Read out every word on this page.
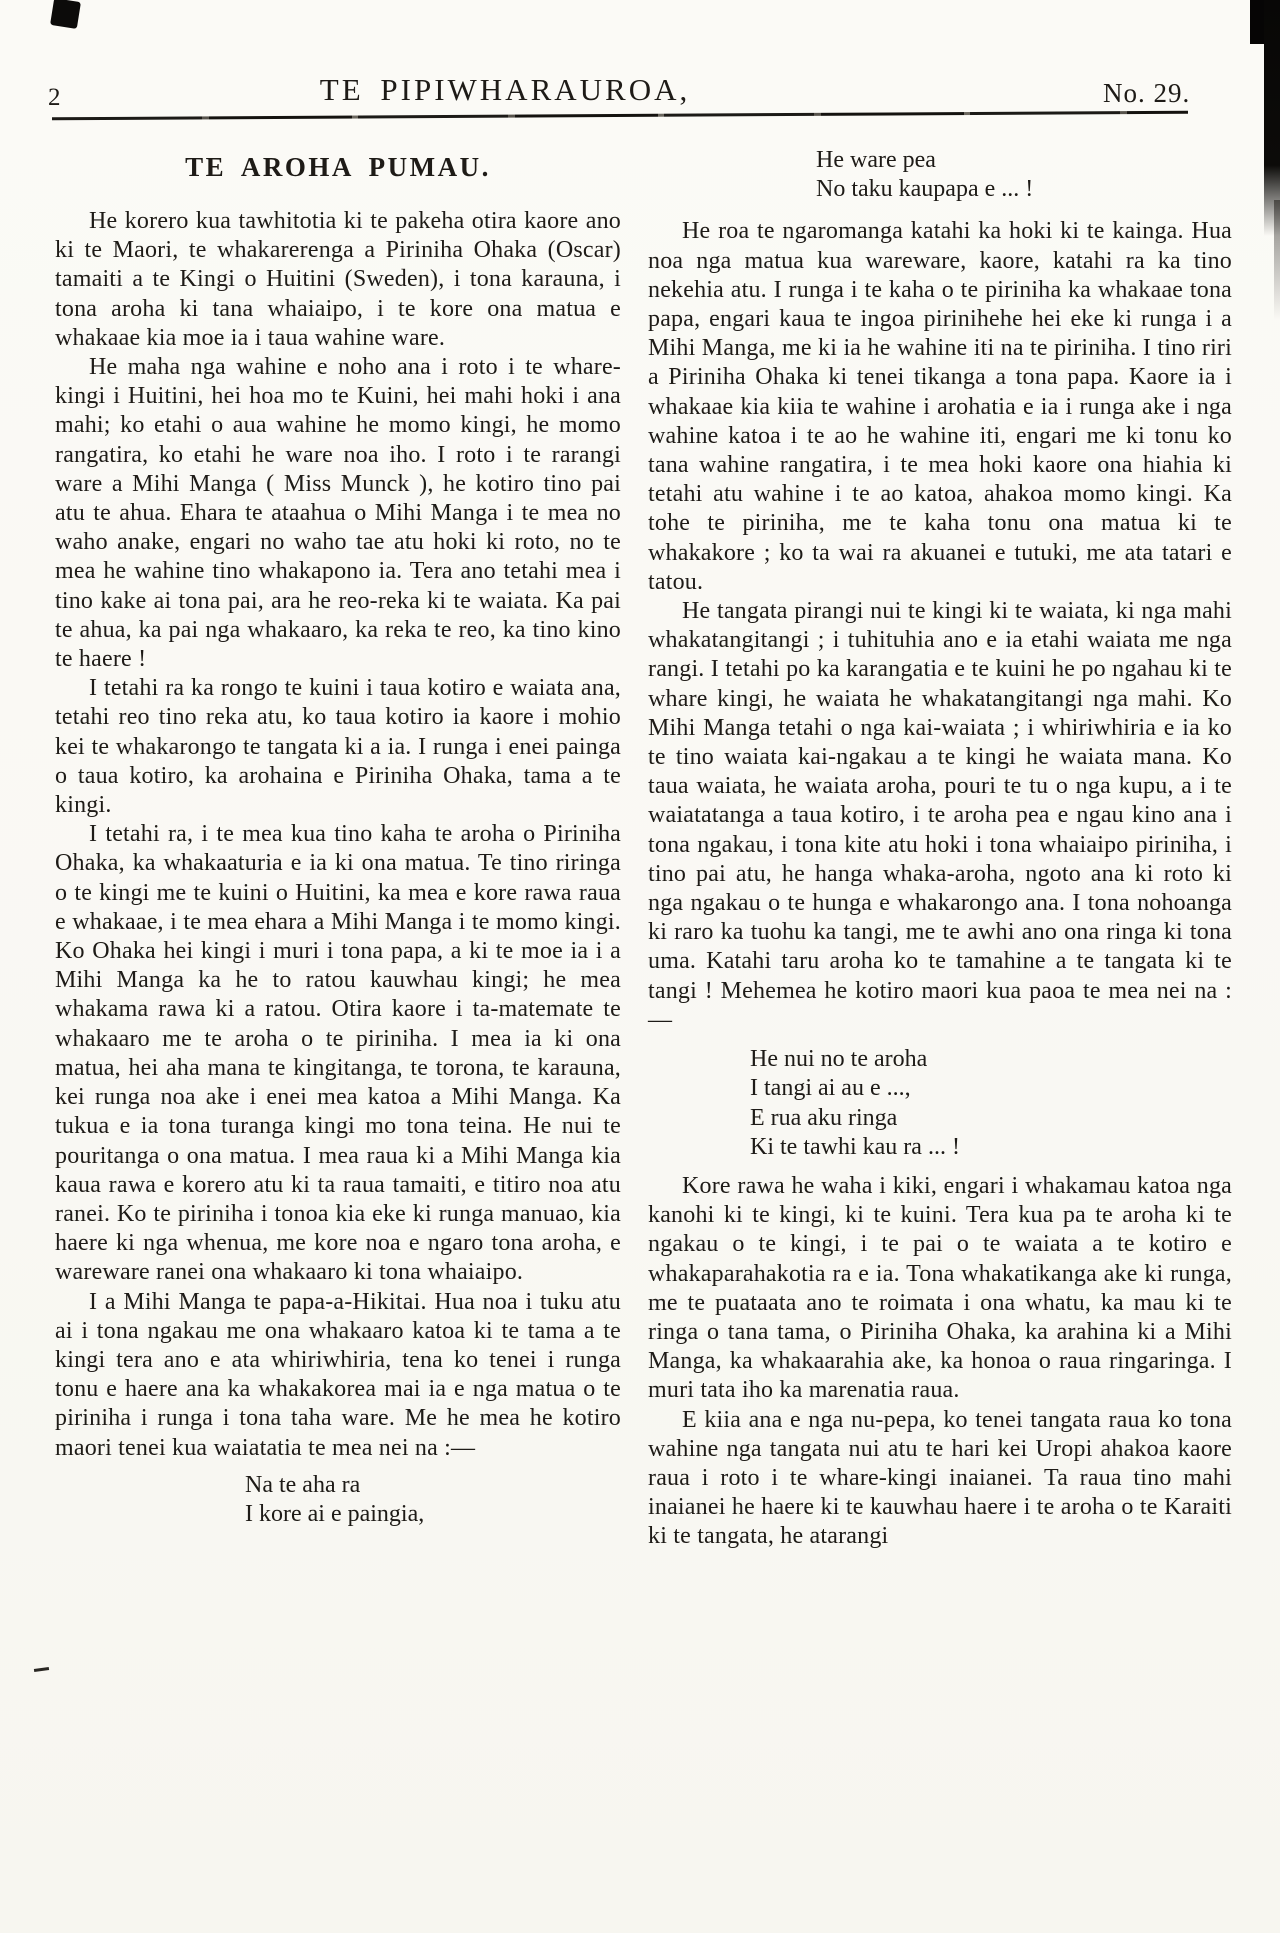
2	TE PIPIWHARAUROA,	No. 29.
TE AROHA PUMAU.

He korero kua tawhitotia ki te pakeha otira kaore ano ki te Maori, te whakarerenga a Piriniha Ohaka (Oscar) tamaiti a te Kingi o Huitini (Sweden), i tona karauna, i tona aroha ki tana whaiaipo, i te kore ona matua e whakaae kia moe ia i taua wahine ware.

He maha nga wahine e noho ana i roto i te whare-kingi i Huitini, hei hoa mo te Kuini, hei mahi hoki i ana mahi; ko etahi o aua wahine he momo kingi, he momo rangatira, ko etahi he ware noa iho. I roto i te rarangi ware a Mihi Manga ( Miss Munck ), he kotiro tino pai atu te ahua. Ehara te ataahua o Mihi Manga i te mea no waho anake, engari no waho tae atu hoki ki roto, no te mea he wahine tino whakapono ia. Tera ano tetahi mea i tino kake ai tona pai, ara he reo-reka ki te waiata. Ka pai te ahua, ka pai nga whakaaro, ka reka te reo, ka tino kino te haere !

I tetahi ra ka rongo te kuini i taua kotiro e waiata ana, tetahi reo tino reka atu, ko taua kotiro ia kaore i mohio kei te whakarongo te tangata ki a ia. I runga i enei painga o taua kotiro, ka arohaina e Piriniha Ohaka, tama a te kingi.

I tetahi ra, i te mea kua tino kaha te aroha o Piriniha Ohaka, ka whakaaturia e ia ki ona matua. Te tino riringa o te kingi me te kuini o Huitini, ka mea e kore rawa raua e whakaae, i te mea ehara a Mihi Manga i te momo kingi. Ko Ohaka hei kingi i muri i tona papa, a ki te moe ia i a Mihi Manga ka he to ratou kauwhau kingi; he mea whakama rawa ki a ratou. Otira kaore i ta-matemate te whakaaro me te aroha o te piriniha. I mea ia ki ona matua, hei aha mana te kingitanga, te torona, te karauna, kei runga noa ake i enei mea katoa a Mihi Manga. Ka tukua e ia tona turanga kingi mo tona teina. He nui te pouritanga o ona matua. I mea raua ki a Mihi Manga kia kaua rawa e korero atu ki ta raua tamaiti, e titiro noa atu ranei. Ko te piriniha i tonoa kia eke ki runga manuao, kia haere ki nga whenua, me kore noa e ngaro tona aroha, e wareware ranei ona whakaaro ki tona whaiaipo.

I a Mihi Manga te papa-a-Hikitai. Hua noa i tuku atu ai i tona ngakau me ona whakaaro katoa ki te tama a te kingi tera ano e ata whiriwhiria, tena ko tenei i runga tonu e haere ana ka whakakorea mai ia e nga matua o te piriniha i runga i tona taha ware. Me he mea he kotiro maori tenei kua waiatatia te mea nei na :—

Na te aha ra
I kore ai e paingia,
He ware pea
No taku kaupapa e ... !

He roa te ngaromanga katahi ka hoki ki te kainga. Hua noa nga matua kua wareware, kaore, katahi ra ka tino nekehia atu. I runga i te kaha o te piriniha ka whakaae tona papa, engari kaua te ingoa pirinihehe hei eke ki runga i a Mihi Manga, me ki ia he wahine iti na te piriniha. I tino riri a Piriniha Ohaka ki tenei tikanga a tona papa. Kaore ia i whakaae kia kiia te wahine i arohatia e ia i runga ake i nga wahine katoa i te ao he wahine iti, engari me ki tonu ko tana wahine rangatira, i te mea hoki kaore ona hiahia ki tetahi atu wahine i te ao katoa, ahakoa momo kingi. Ka tohe te piriniha, me te kaha tonu ona matua ki te whakakore ; ko ta wai ra akuanei e tutuki, me ata tatari e tatou.

He tangata pirangi nui te kingi ki te waiata, ki nga mahi whakatangitangi ; i tuhituhia ano e ia etahi waiata me nga rangi. I tetahi po ka karangatia e te kuini he po ngahau ki te whare kingi, he waiata he whakatangitangi nga mahi. Ko Mihi Manga tetahi o nga kai-waiata ; i whiriwhiria e ia ko te tino waiata kai-ngakau a te kingi he waiata mana. Ko taua waiata, he waiata aroha, pouri te tu o nga kupu, a i te waiatatanga a taua kotiro, i te aroha pea e ngau kino ana i tona ngakau, i tona kite atu hoki i tona whaiaipo piriniha, i tino pai atu, he hanga whaka-aroha, ngoto ana ki roto ki nga ngakau o te hunga e whakarongo ana. I tona nohoanga ki raro ka tuohu ka tangi, me te awhi ano ona ringa ki tona uma. Katahi taru aroha ko te tamahine a te tangata ki te tangi ! Mehemea he kotiro maori kua paoa te mea nei na :—

He nui no te aroha
I tangi ai au e ...,
E rua aku ringa
Ki te tawhi kau ra ... !

Kore rawa he waha i kiki, engari i whakamau katoa nga kanohi ki te kingi, ki te kuini. Tera kua pa te aroha ki te ngakau o te kingi, i te pai o te waiata a te kotiro e whakaparahakotia ra e ia. Tona whakatikanga ake ki runga, me te puataata ano te roimata i ona whatu, ka mau ki te ringa o tana tama, o Piriniha Ohaka, ka arahina ki a Mihi Manga, ka whakaarahia ake, ka honoa o raua ringaringa. I muri tata iho ka marenatia raua.

E kiia ana e nga nu-pepa, ko tenei tangata raua ko tona wahine nga tangata nui atu te hari kei Uropi ahakoa kaore raua i roto i te whare-kingi inaianei. Ta raua tino mahi inaianei he haere ki te kauwhau haere i te aroha o te Karaiti ki te tangata, he atarangi
